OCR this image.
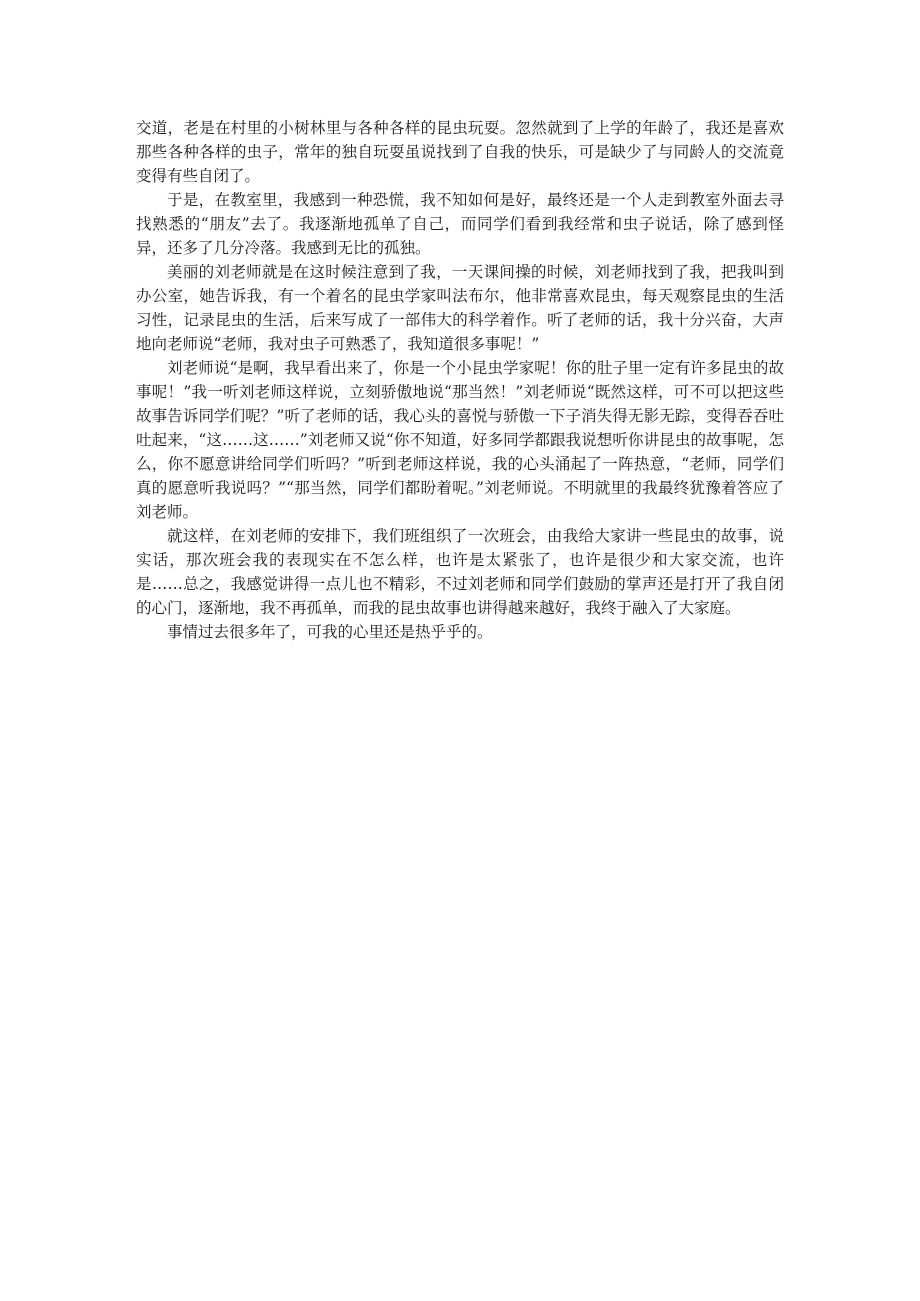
交道，老是在村里的小树林里与各种各样的昆虫玩耍。忽然就到了上学的年龄了，我还是喜欢那些各种各样的虫子，常年的独自玩耍虽说找到了自我的快乐，可是缺少了与同龄人的交流竟变得有些自闭了。

于是，在教室里，我感到一种恐慌，我不知如何是好，最终还是一个人走到教室外面去寻找熟悉的“朋友”去了。我逐渐地孤单了自己，而同学们看到我经常和虫子说话，除了感到怪异，还多了几分冷落。我感到无比的孤独。

美丽的刘老师就是在这时候注意到了我，一天课间操的时候，刘老师找到了我，把我叫到办公室，她告诉我，有一个着名的昆虫学家叫法布尔，他非常喜欢昆虫，每天观察昆虫的生活习性，记录昆虫的生活，后来写成了一部伟大的科学着作。听了老师的话，我十分兴奋，大声地向老师说“老师，我对虫子可熟悉了，我知道很多事呢！”

刘老师说“是啊，我早看出来了，你是一个小昆虫学家呢！你的肚子里一定有许多昆虫的故事呢！”我一听刘老师这样说，立刻骄傲地说“那当然！”刘老师说“既然这样，可不可以把这些故事告诉同学们呢？”听了老师的话，我心头的喜悦与骄傲一下子消失得无影无踪，变得吞吞吐吐起来，“这……这……”刘老师又说“你不知道，好多同学都跟我说想听你讲昆虫的故事呢，怎么，你不愿意讲给同学们听吗？”听到老师这样说，我的心头涌起了一阵热意，“老师，同学们真的愿意听我说吗？”“那当然，同学们都盼着呢。”刘老师说。不明就里的我最终犹豫着答应了刘老师。

就这样，在刘老师的安排下，我们班组织了一次班会，由我给大家讲一些昆虫的故事，说实话，那次班会我的表现实在不怎么样，也许是太紧张了，也许是很少和大家交流，也许是……总之，我感觉讲得一点儿也不精彩，不过刘老师和同学们鼓励的掌声还是打开了我自闭的心门，逐渐地，我不再孤单，而我的昆虫故事也讲得越来越好，我终于融入了大家庭。

事情过去很多年了，可我的心里还是热乎乎的。
